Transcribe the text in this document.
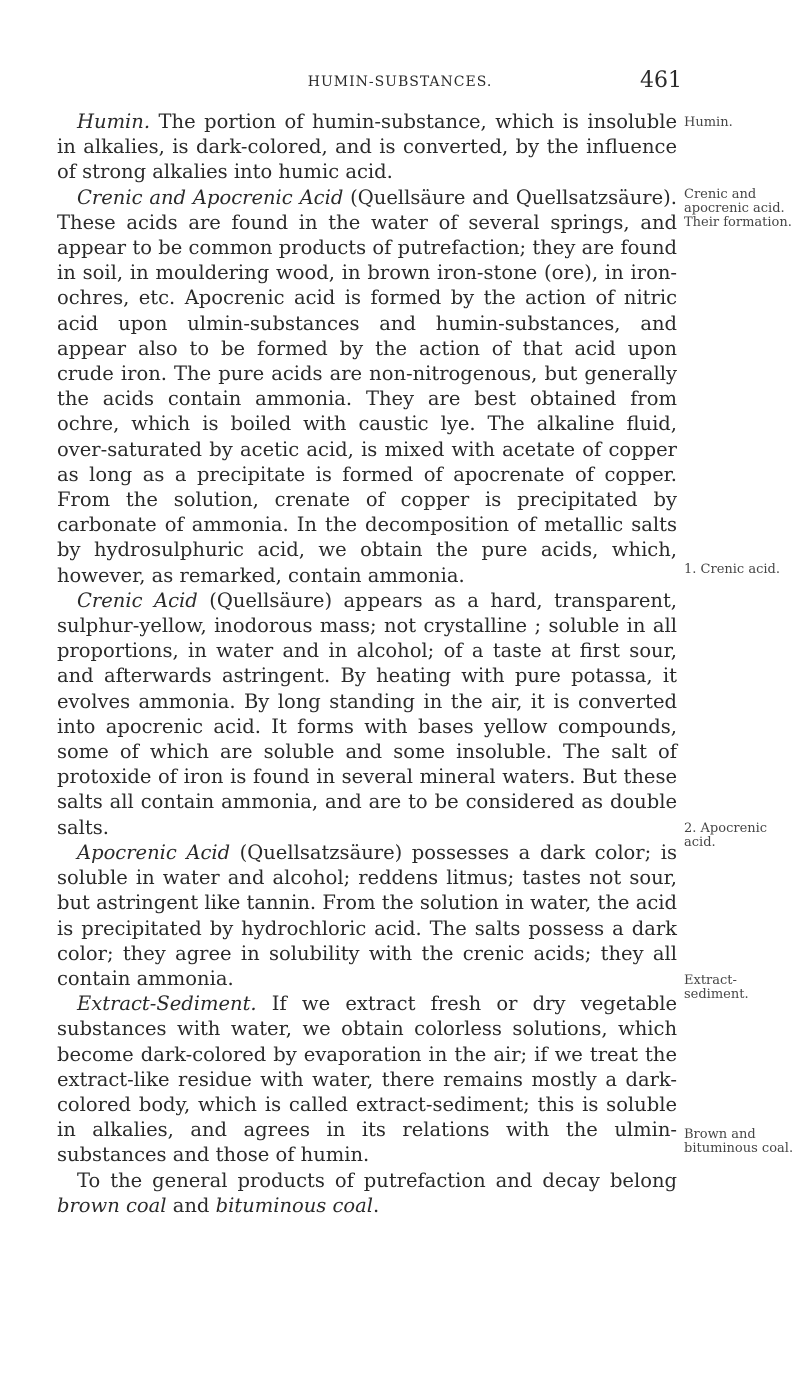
HUMIN-SUBSTANCES.	461

Humin. The portion of humin-substance, which is insoluble in alkalies, is dark-colored, and is converted, by the influence of strong alkalies into humic acid.

Crenic and Apocrenic Acid (Quellsäure and Quellsatzsäure). These acids are found in the water of several springs, and appear to be common products of putrefaction; they are found in soil, in mouldering wood, in brown iron-stone (ore), in iron-ochres, etc. Apocrenic acid is formed by the action of nitric acid upon ulmin-substances and humin-substances, and appear also to be formed by the action of that acid upon crude iron. The pure acids are non-nitrogenous, but generally the acids contain ammonia. They are best obtained from ochre, which is boiled with caustic lye. The alkaline fluid, over-saturated by acetic acid, is mixed with acetate of copper as long as a precipitate is formed of apocrenate of copper. From the solution, crenate of copper is precipitated by carbonate of ammonia. In the decomposition of metallic salts by hydrosulphuric acid, we obtain the pure acids, which, however, as remarked, contain ammonia.

Crenic Acid (Quellsäure) appears as a hard, transparent, sulphur-yellow, inodorous mass; not crystalline ; soluble in all proportions, in water and in alcohol; of a taste at first sour, and afterwards astringent. By heating with pure potassa, it evolves ammonia. By long standing in the air, it is converted into apocrenic acid. It forms with bases yellow compounds, some of which are soluble and some insoluble. The salt of protoxide of iron is found in several mineral waters. But these salts all contain ammonia, and are to be considered as double salts.

Apocrenic Acid (Quellsatzsäure) possesses a dark color; is soluble in water and alcohol; reddens litmus; tastes not sour, but astringent like tannin. From the solution in water, the acid is precipitated by hydrochloric acid. The salts possess a dark color; they agree in solubility with the crenic acids; they all contain ammonia.

Extract-Sediment. If we extract fresh or dry vegetable substances with water, we obtain colorless solutions, which become dark-colored by evaporation in the air; if we treat the extract-like residue with water, there remains mostly a dark-colored body, which is called extract-sediment; this is soluble in alkalies, and agrees in its relations with the ulmin-substances and those of humin.

To the general products of putrefaction and decay belong brown coal and bituminous coal.

Humin.
Crenic and apocrenic acid. Their formation.
1. Crenic acid.
2. Apocrenic acid.
Extract-sediment.
Brown and bituminous coal.
